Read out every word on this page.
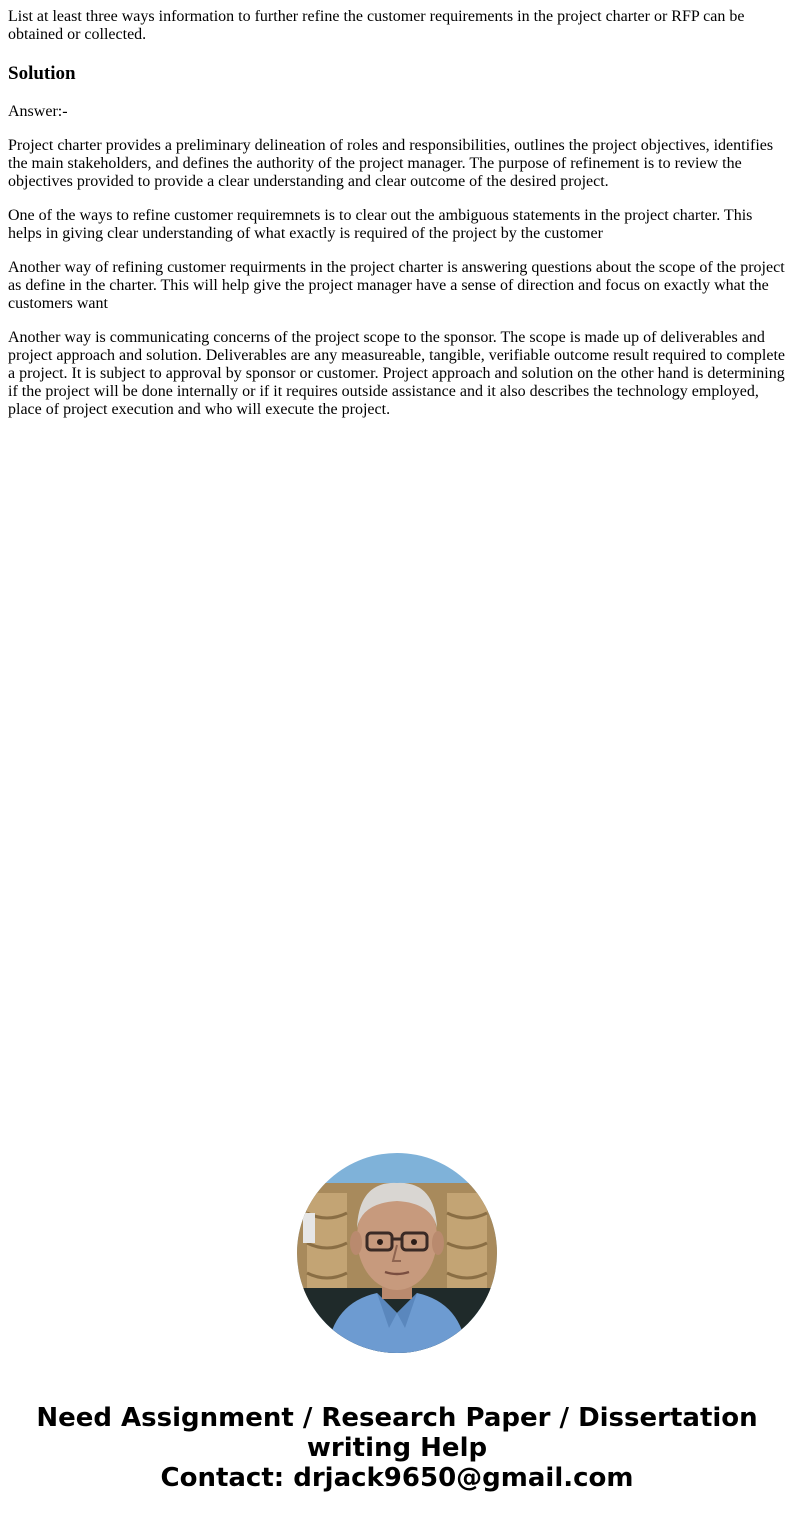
List at least three ways information to further refine the customer requirements in the project charter or RFP can be obtained or collected.

Solution

Answer:-

Project charter provides a preliminary delineation of roles and responsibilities, outlines the project objectives, identifies the main stakeholders, and defines the authority of the project manager. The purpose of refinement is to review the objectives provided to provide a clear understanding and clear outcome of the desired project.

One of the ways to refine customer requiremnets is to clear out the ambiguous statements in the project charter. This helps in giving clear understanding of what exactly is required of the project by the customer

Another way of refining customer requirments in the project charter is answering questions about the scope of the project as define in the charter. This will help give the project manager have a sense of direction and focus on exactly what the customers want

Another way is communicating concerns of the project scope to the sponsor. The scope is made up of deliverables and project approach and solution. Deliverables are any measureable, tangible, verifiable outcome result required to complete a project. It is subject to approval by sponsor or customer. Project approach and solution on the other hand is determining if the project will be done internally or if it requires outside assistance and it also describes the technology employed, place of project execution and who will execute the project.

Need Assignment / Research Paper / Dissertation
writing Help
Contact: drjack9650@gmail.com
